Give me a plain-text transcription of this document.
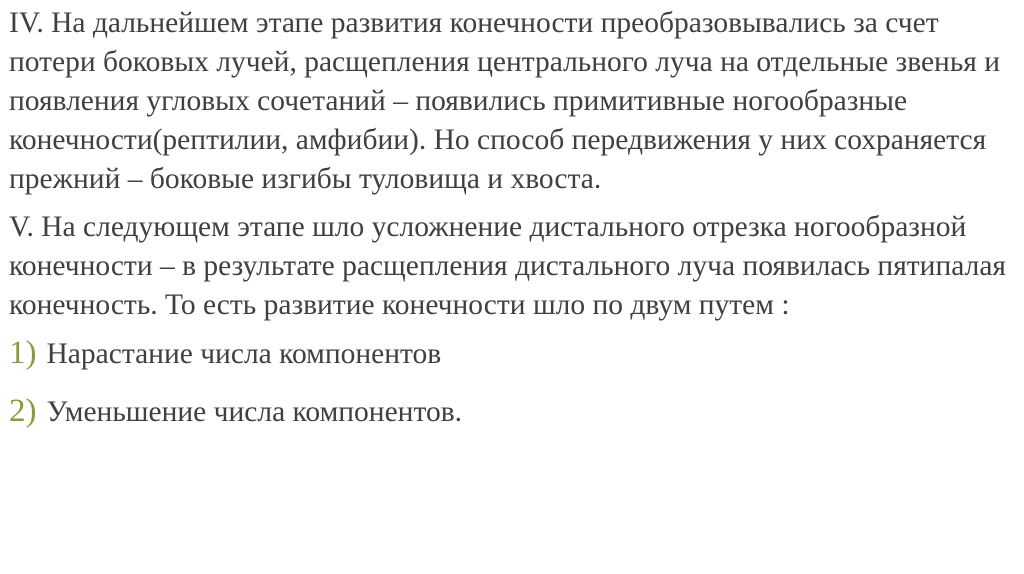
IV. На дальнейшем этапе развития конечности преобразовывались за счет потери боковых лучей, расщепления центрального луча на отдельные звенья и появления угловых сочетаний – появились примитивные ногообразные конечности(рептилии, амфибии). Но способ передвижения у них сохраняется прежний – боковые изгибы туловища и хвоста.

V. На следующем этапе шло усложнение дистального отрезка ногообразной конечности – в результате расщепления дистального луча появилась пятипалая конечность. То есть развитие конечности шло по двум путем :

1) Нарастание числа компонентов
2) Уменьшение числа компонентов.
